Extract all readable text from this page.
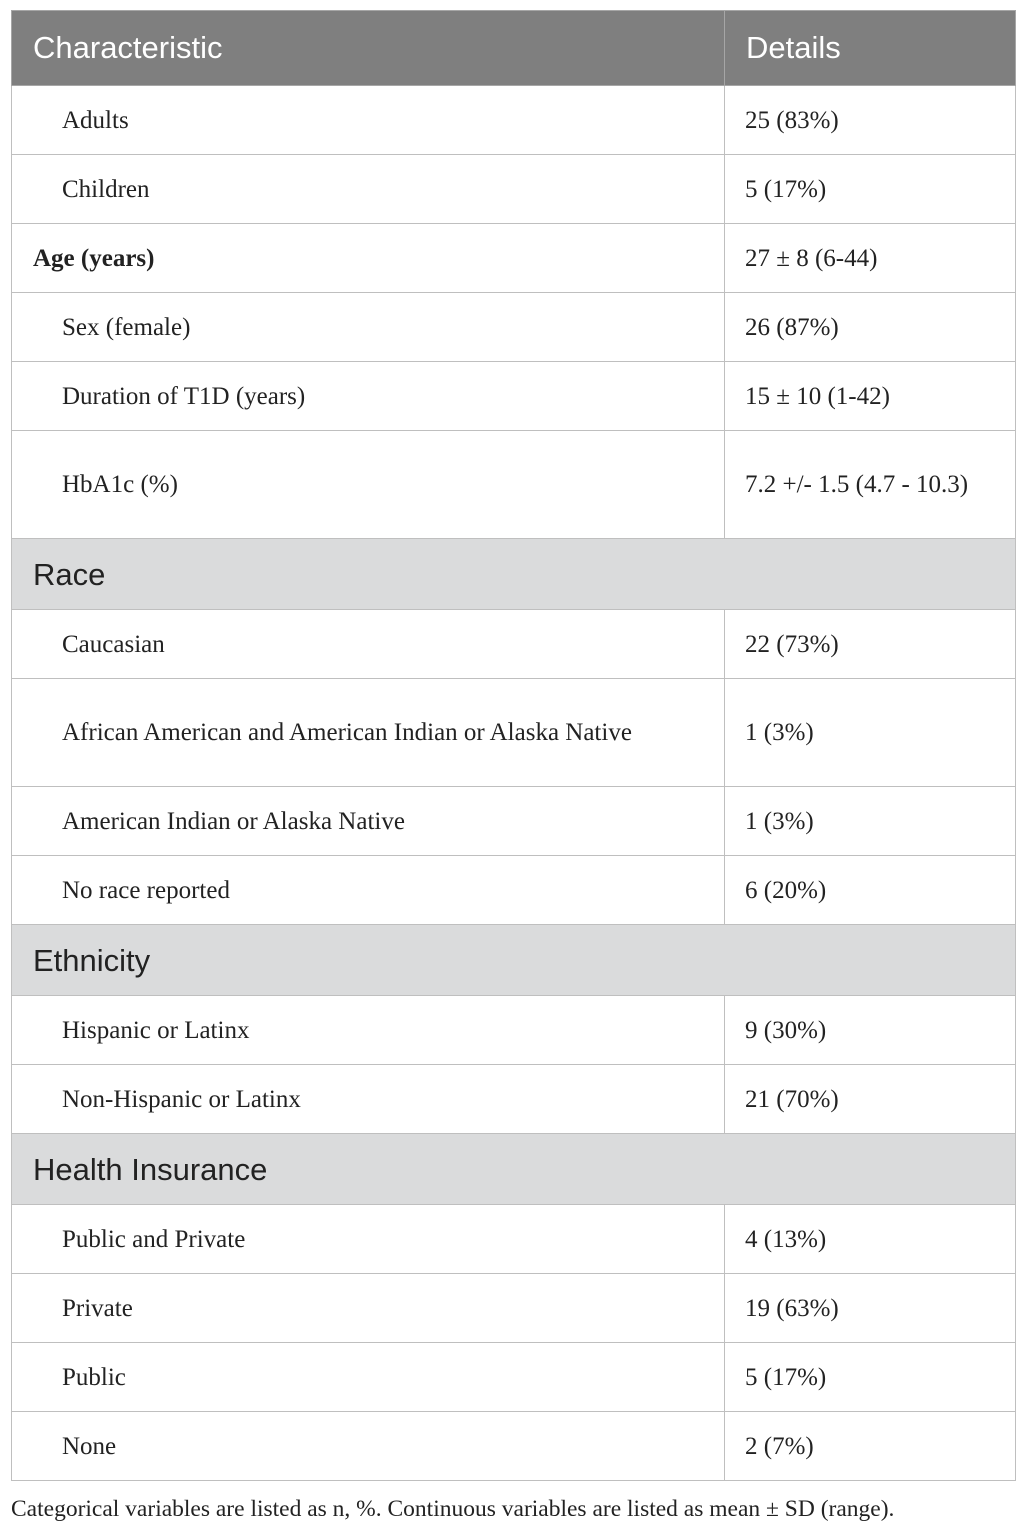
Characteristic	Details
Adults	25 (83%)
Children	5 (17%)
Age (years)	27 ± 8 (6-44)
Sex (female)	26 (87%)
Duration of T1D (years)	15 ± 10 (1-42)
HbA1c (%)	7.2 +/- 1.5 (4.7 - 10.3)
Race	
Caucasian	22 (73%)
African American and American Indian or Alaska Native	1 (3%)
American Indian or Alaska Native	1 (3%)
No race reported	6 (20%)
Ethnicity	
Hispanic or Latinx	9 (30%)
Non-Hispanic or Latinx	21 (70%)
Health Insurance	
Public and Private	4 (13%)
Private	19 (63%)
Public	5 (17%)
None	2 (7%)
Categorical variables are listed as n, %. Continuous variables are listed as mean ± SD (range).
